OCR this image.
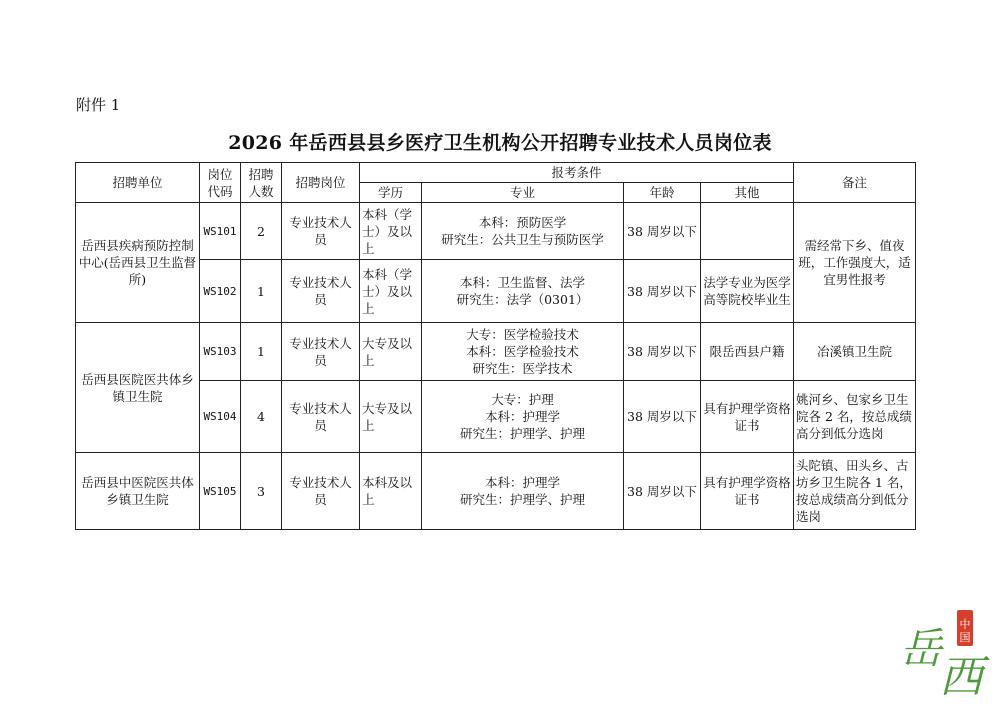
附件 1
2026 年岳西县县乡医疗卫生机构公开招聘专业技术人员岗位表
招聘单位	岗位代码	招聘人数	招聘岗位	报考条件				备注
				学历	专业	年龄	其他	
岳西县疾病预防控制中心(岳西县卫生监督所)	WS101	2	专业技术人员	本科（学士）及以上	本科：预防医学
研究生：公共卫生与预防医学	38 周岁以下		需经常下乡、值夜班，工作强度大，适宜男性报考
	WS102	1	专业技术人员	本科（学士）及以上	本科：卫生监督、法学
研究生：法学（0301）	38 周岁以下	法学专业为医学高等院校毕业生	
岳西县医院医共体乡镇卫生院	WS103	1	专业技术人员	大专及以上	大专：医学检验技术
本科：医学检验技术
研究生：医学技术	38 周岁以下	限岳西县户籍	冶溪镇卫生院
	WS104	4	专业技术人员	大专及以上	大专：护理
本科：护理学
研究生：护理学、护理	38 周岁以下	具有护理学资格证书	姚河乡、包家乡卫生院各 2 名，按总成绩高分到低分选岗
岳西县中医院医共体乡镇卫生院	WS105	3	专业技术人员	本科及以上	本科：护理学
研究生：护理学、护理	38 周岁以下	具有护理学资格证书	头陀镇、田头乡、古坊乡卫生院各 1 名，按总成绩高分到低分选岗
中
国
岳
西
